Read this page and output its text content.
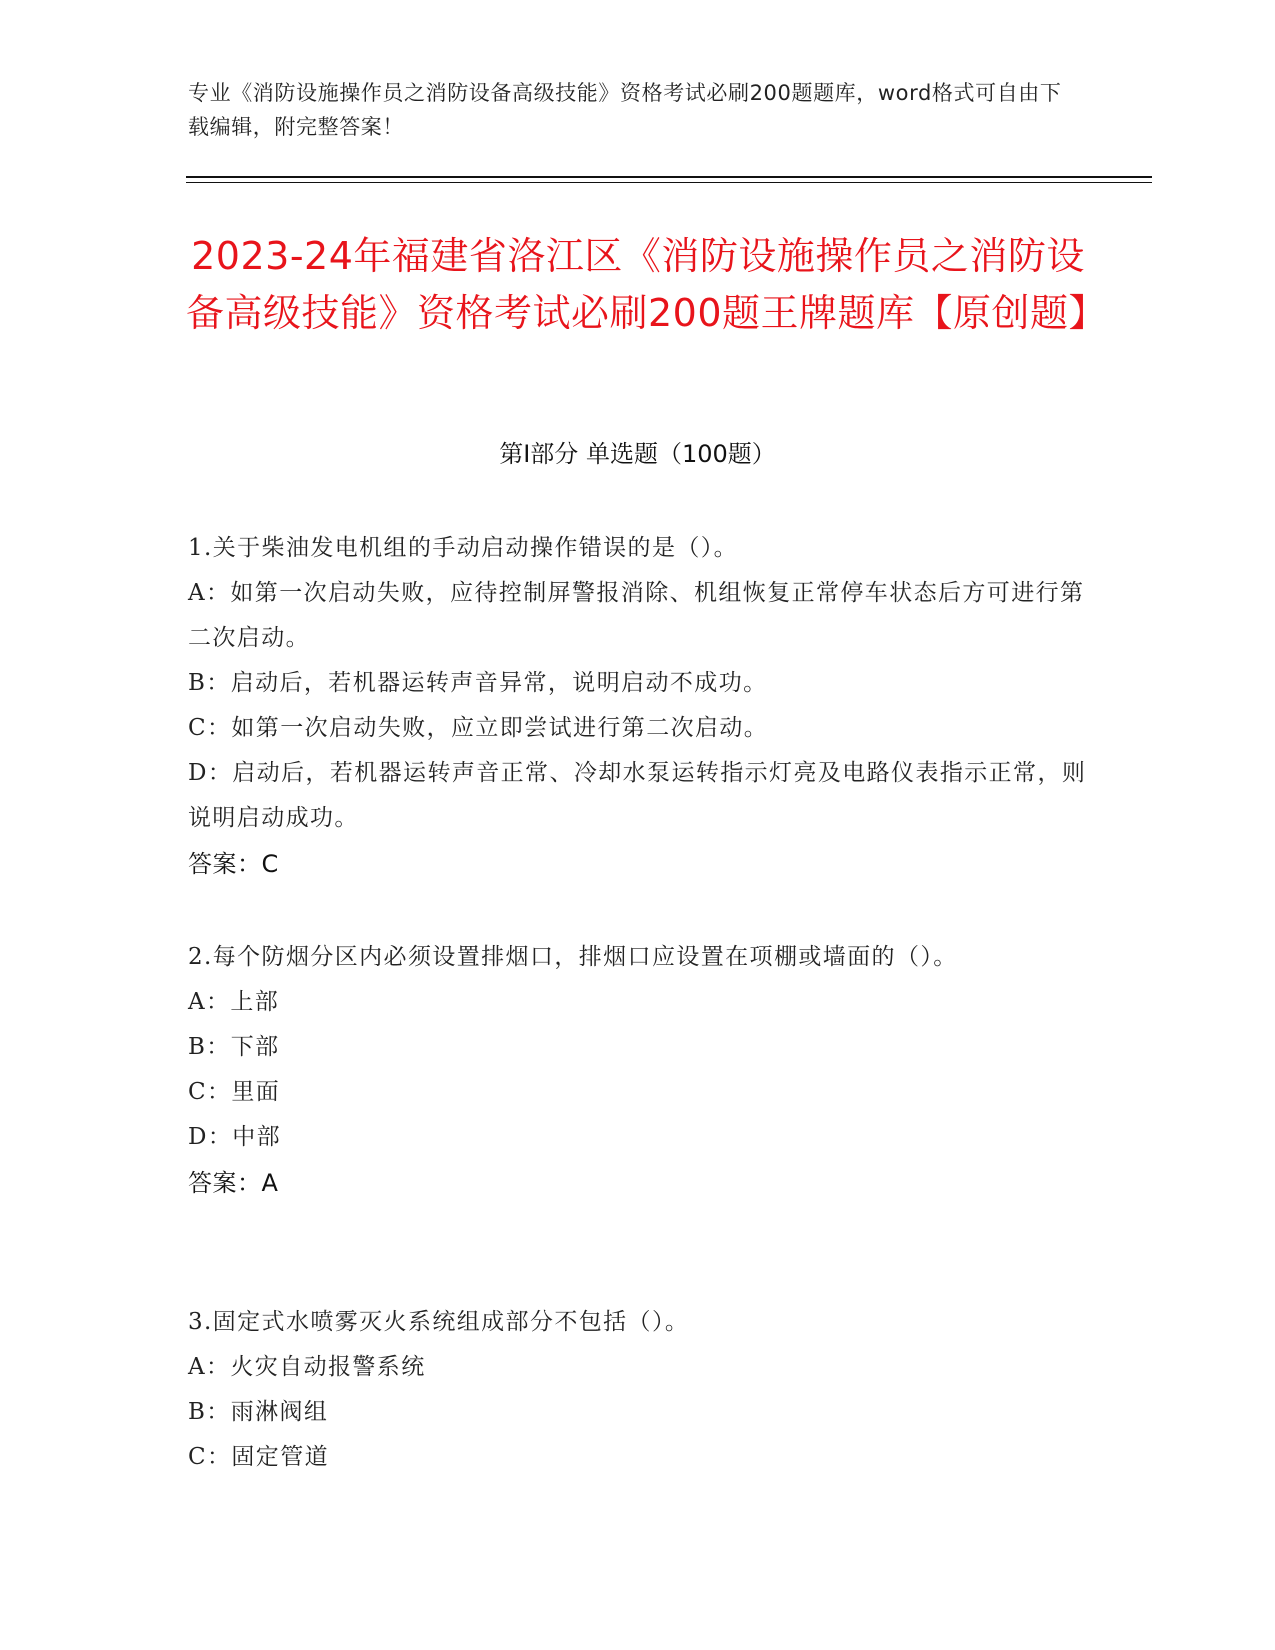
专业《消防设施操作员之消防设备高级技能》资格考试必刷200题题库，word格式可自由下载编辑，附完整答案！
2023-24年福建省洛江区《消防设施操作员之消防设备高级技能》资格考试必刷200题王牌题库【原创题】
第Ⅰ部分 单选题（100题）

1.关于柴油发电机组的手动启动操作错误的是（）。

A：如第一次启动失败，应待控制屏警报消除、机组恢复正常停车状态后方可进行第二次启动。

B：启动后，若机器运转声音异常，说明启动不成功。

C：如第一次启动失败，应立即尝试进行第二次启动。

D：启动后，若机器运转声音正常、冷却水泵运转指示灯亮及电路仪表指示正常，则说明启动成功。

答案：C

2.每个防烟分区内必须设置排烟口，排烟口应设置在项棚或墙面的（）。

A：上部

B：下部

C：里面

D：中部

答案：A

3.固定式水喷雾灭火系统组成部分不包括（）。

A：火灾自动报警系统

B：雨淋阀组

C：固定管道
